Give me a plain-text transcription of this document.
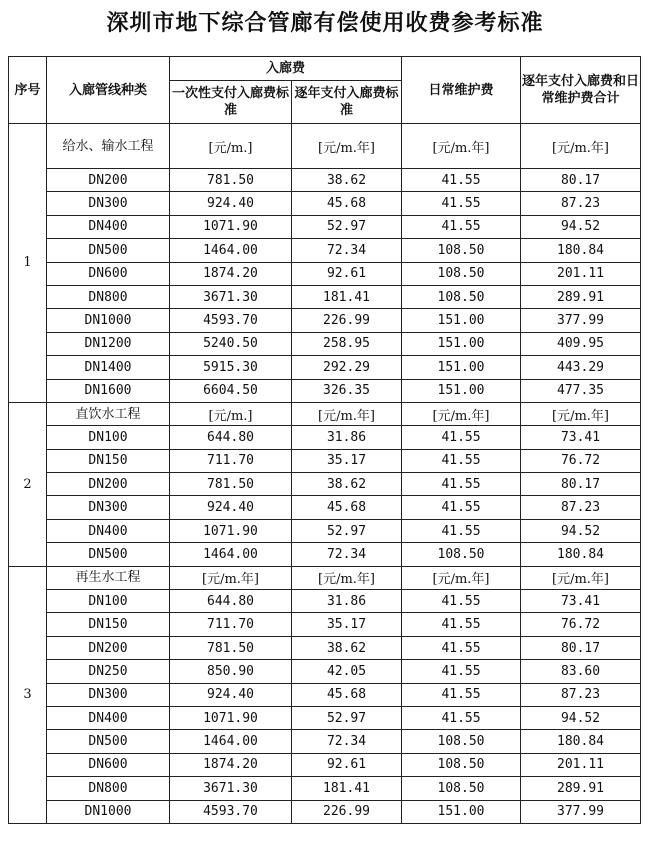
深圳市地下综合管廊有偿使用收费参考标准
序号	入廊管线种类	入廊费		日常维护费	逐年支付入廊费和日常维护费合计
		一次性支付入廊费标准	逐年支付入廊费标准		
1	给水、输水工程	[元/m.]	[元/m.年]	[元/m.年]	[元/m.年]
	DN200	781.50	38.62	41.55	80.17
	DN300	924.40	45.68	41.55	87.23
	DN400	1071.90	52.97	41.55	94.52
	DN500	1464.00	72.34	108.50	180.84
	DN600	1874.20	92.61	108.50	201.11
	DN800	3671.30	181.41	108.50	289.91
	DN1000	4593.70	226.99	151.00	377.99
	DN1200	5240.50	258.95	151.00	409.95
	DN1400	5915.30	292.29	151.00	443.29
	DN1600	6604.50	326.35	151.00	477.35
2	直饮水工程	[元/m.]	[元/m.年]	[元/m.年]	[元/m.年]
	DN100	644.80	31.86	41.55	73.41
	DN150	711.70	35.17	41.55	76.72
	DN200	781.50	38.62	41.55	80.17
	DN300	924.40	45.68	41.55	87.23
	DN400	1071.90	52.97	41.55	94.52
	DN500	1464.00	72.34	108.50	180.84
3	再生水工程	[元/m.年]	[元/m.年]	[元/m.年]	[元/m.年]
	DN100	644.80	31.86	41.55	73.41
	DN150	711.70	35.17	41.55	76.72
	DN200	781.50	38.62	41.55	80.17
	DN250	850.90	42.05	41.55	83.60
	DN300	924.40	45.68	41.55	87.23
	DN400	1071.90	52.97	41.55	94.52
	DN500	1464.00	72.34	108.50	180.84
	DN600	1874.20	92.61	108.50	201.11
	DN800	3671.30	181.41	108.50	289.91
	DN1000	4593.70	226.99	151.00	377.99
